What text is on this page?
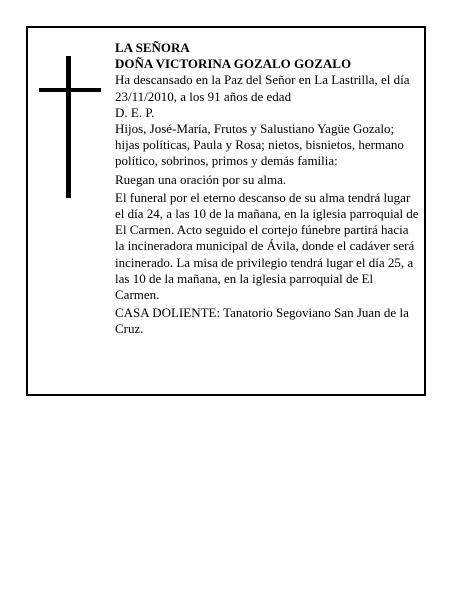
LA SEÑORA

DOÑA VICTORINA GOZALO GOZALO

Ha descansado en la Paz del Señor en La Lastrilla, el día 23/11/2010, a los 91 años de edad

D. E. P.

Hijos, José-María, Frutos y Salustiano Yagüe Gozalo; hijas políticas, Paula y Rosa; nietos, bisnietos, hermano político, sobrinos, primos y demás familia:

Ruegan una oración por su alma.

El funeral por el eterno descanso de su alma tendrá lugar el día 24, a las 10 de la mañana, en la iglesia parroquial de El Carmen. Acto seguido el cortejo fúnebre partirá hacia la incineradora municipal de Ávila, donde el cadáver será incinerado. La misa de privilegio tendrá lugar el día 25, a las 10 de la mañana, en la iglesia parroquial de El Carmen.

CASA DOLIENTE: Tanatorio Segoviano San Juan de la Cruz.
